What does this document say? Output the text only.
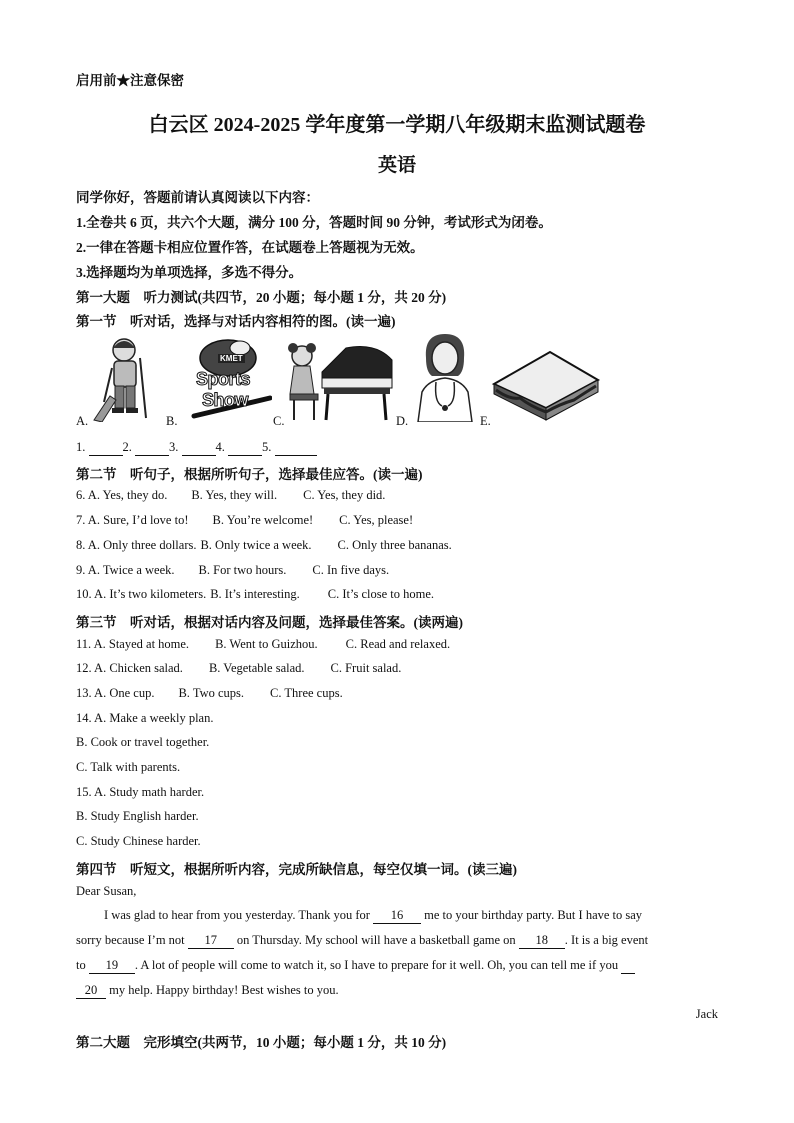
启用前★注意保密
白云区 2024-2025 学年度第一学期八年级期末监测试题卷
英语
同学你好，答题前请认真阅读以下内容：
1.全卷共 6 页，共六个大题，满分 100 分，答题时间 90 分钟，考试形式为闭卷。
2.一律在答题卡相应位置作答，在试题卷上答题视为无效。
3.选择题均为单项选择，多选不得分。
第一大题　听力测试(共四节，20 小题；每小题 1 分，共 20 分)
第一节　听对话，选择与对话内容相符的图。(读一遍)
A.	B.
KMET
Sports
Show
C.	D.	E.
1.	2.	3.	4.	5.
第二节　听句子，根据所听句子，选择最佳应答。(读一遍)
6. A. Yes, they do. B. Yes, they will. C. Yes, they did.
7. A. Sure, I’d love to! B. You’re welcome! C. Yes, please!
8. A. Only three dollars. B. Only twice a week. C. Only three bananas.
9. A. Twice a week. B. For two hours. C. In five days.
10. A. It’s two kilometers. B. It’s interesting. C. It’s close to home.
第三节　听对话，根据对话内容及问题，选择最佳答案。(读两遍)
11. A. Stayed at home. B. Went to Guizhou. C. Read and relaxed.
12. A. Chicken salad. B. Vegetable salad. C. Fruit salad.
13. A. One cup. B. Two cups. C. Three cups.
14. A. Make a weekly plan.
B. Cook or travel together.
C. Talk with parents.
15. A. Study math harder.
B. Study English harder.
C. Study Chinese harder.
第四节　听短文，根据所听内容，完成所缺信息，每空仅填一词。(读三遍)
Dear Susan,
I was glad to hear from you yesterday. Thank you for 16 me to your birthday party. But I have to say
sorry because I’m not 17 on Thursday. My school will have a basketball game on 18 . It is a big event
to 19 . A lot of people will come to watch it, so I have to prepare for it well. Oh, you can tell me if you
20 my help. Happy birthday! Best wishes to you.
Jack
第二大题　完形填空(共两节，10 小题；每小题 1 分，共 10 分)
